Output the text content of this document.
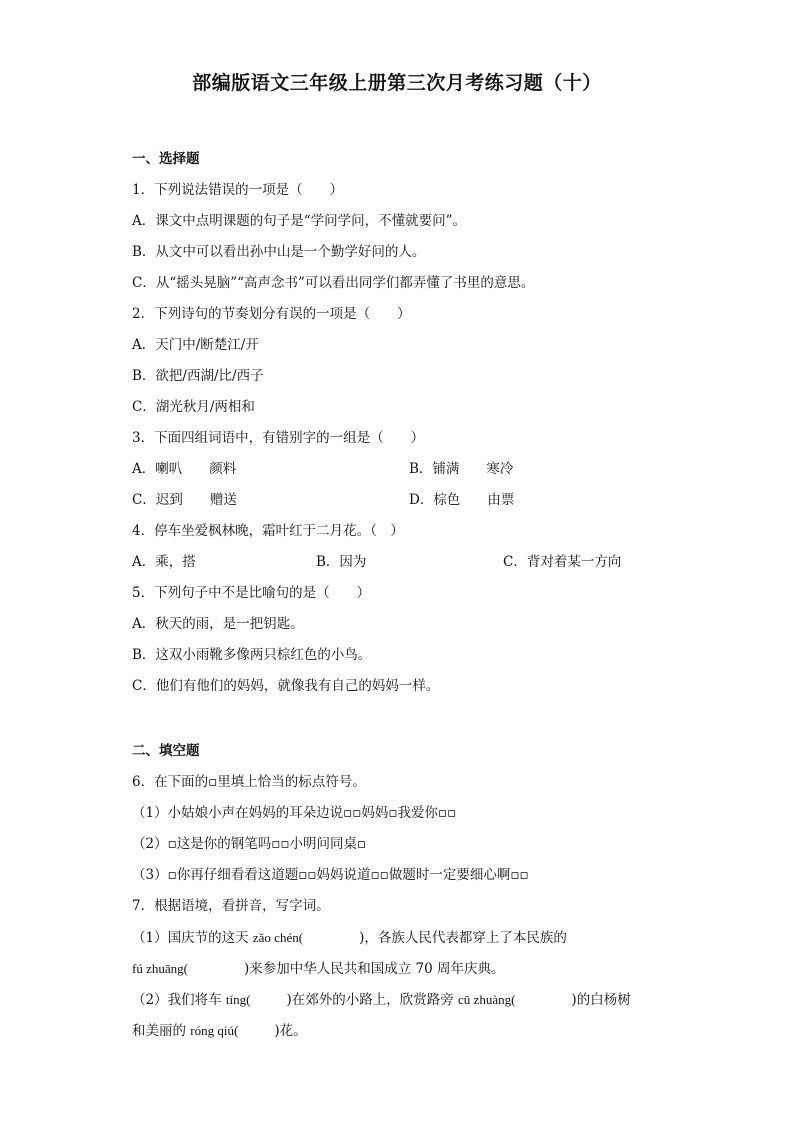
部编版语文三年级上册第三次月考练习题（十）
一、选择题
1．下列说法错误的一项是（　　）
A．课文中点明课题的句子是“学问学问，不懂就要问”。
B．从文中可以看出孙中山是一个勤学好问的人。
C．从“摇头晃脑”“高声念书”可以看出同学们都弄懂了书里的意思。
2．下列诗句的节奏划分有误的一项是（　　）
A．天门中/断楚江/开
B．欲把/西湖/比/西子
C．湖光秋月/两相和
3．下面四组词语中，有错别字的一组是（　　）
A．喇叭　　颜料	B．铺满　　寒冷
C．迟到　　赠送	D．棕色　　由票
4．停车坐爱枫林晚，霜叶红于二月花。（　）
A．乘，搭	B．因为	C．背对着某一方向
5．下列句子中不是比喻句的是（　　）
A．秋天的雨，是一把钥匙。
B．这双小雨靴多像两只棕红色的小鸟。
C．他们有他们的妈妈，就像我有自己的妈妈一样。
二、填空题
6．在下面的▫里填上恰当的标点符号。
（1）小姑娘小声在妈妈的耳朵边说▫▫妈妈▫我爱你▫▫
（2）▫这是你的钢笔吗▫▫小明问同桌▫
（3）▫你再仔细看看这道题▫▫妈妈说道▫▫做题时一定要细心啊▫▫
7．根据语境，看拼音，写字词。
（1）国庆节的这天 zǎo chén(	)，各族人民代表都穿上了本民族的
fú zhuāng(	)来参加中华人民共和国成立 70 周年庆典。
（2）我们将车 tíng(	)在郊外的小路上，欣赏路旁 cū zhuàng(	)的白杨树
和美丽的 róng qiú(	)花。
